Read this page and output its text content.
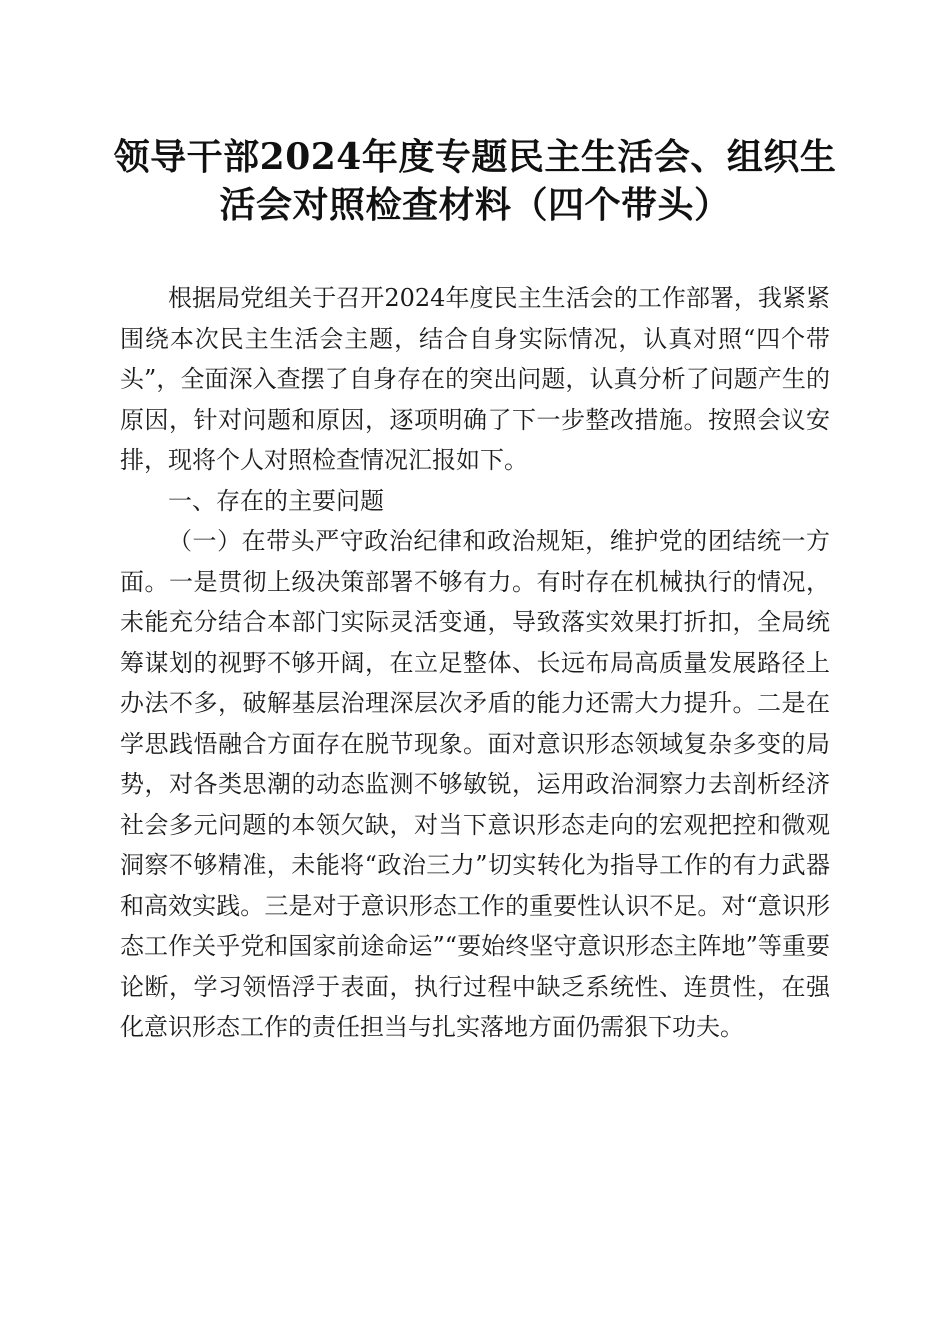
领导干部2024年度专题民主生活会、组织生
活会对照检查材料（四个带头）

根据局党组关于召开2024年度民主生活会的工作部署，我紧紧围绕本次民主生活会主题，结合自身实际情况，认真对照“四个带头”，全面深入查摆了自身存在的突出问题，认真分析了问题产生的原因，针对问题和原因，逐项明确了下一步整改措施。按照会议安排，现将个人对照检查情况汇报如下。

一、存在的主要问题

（一）在带头严守政治纪律和政治规矩，维护党的团结统一方面。一是贯彻上级决策部署不够有力。有时存在机械执行的情况，未能充分结合本部门实际灵活变通，导致落实效果打折扣，全局统筹谋划的视野不够开阔，在立足整体、长远布局高质量发展路径上办法不多，破解基层治理深层次矛盾的能力还需大力提升。二是在学思践悟融合方面存在脱节现象。面对意识形态领域复杂多变的局势，对各类思潮的动态监测不够敏锐，运用政治洞察力去剖析经济社会多元问题的本领欠缺，对当下意识形态走向的宏观把控和微观洞察不够精准，未能将“政治三力”切实转化为指导工作的有力武器和高效实践。三是对于意识形态工作的重要性认识不足。对“意识形态工作关乎党和国家前途命运”“要始终坚守意识形态主阵地”等重要论断，学习领悟浮于表面，执行过程中缺乏系统性、连贯性，在强化意识形态工作的责任担当与扎实落地方面仍需狠下功夫。
